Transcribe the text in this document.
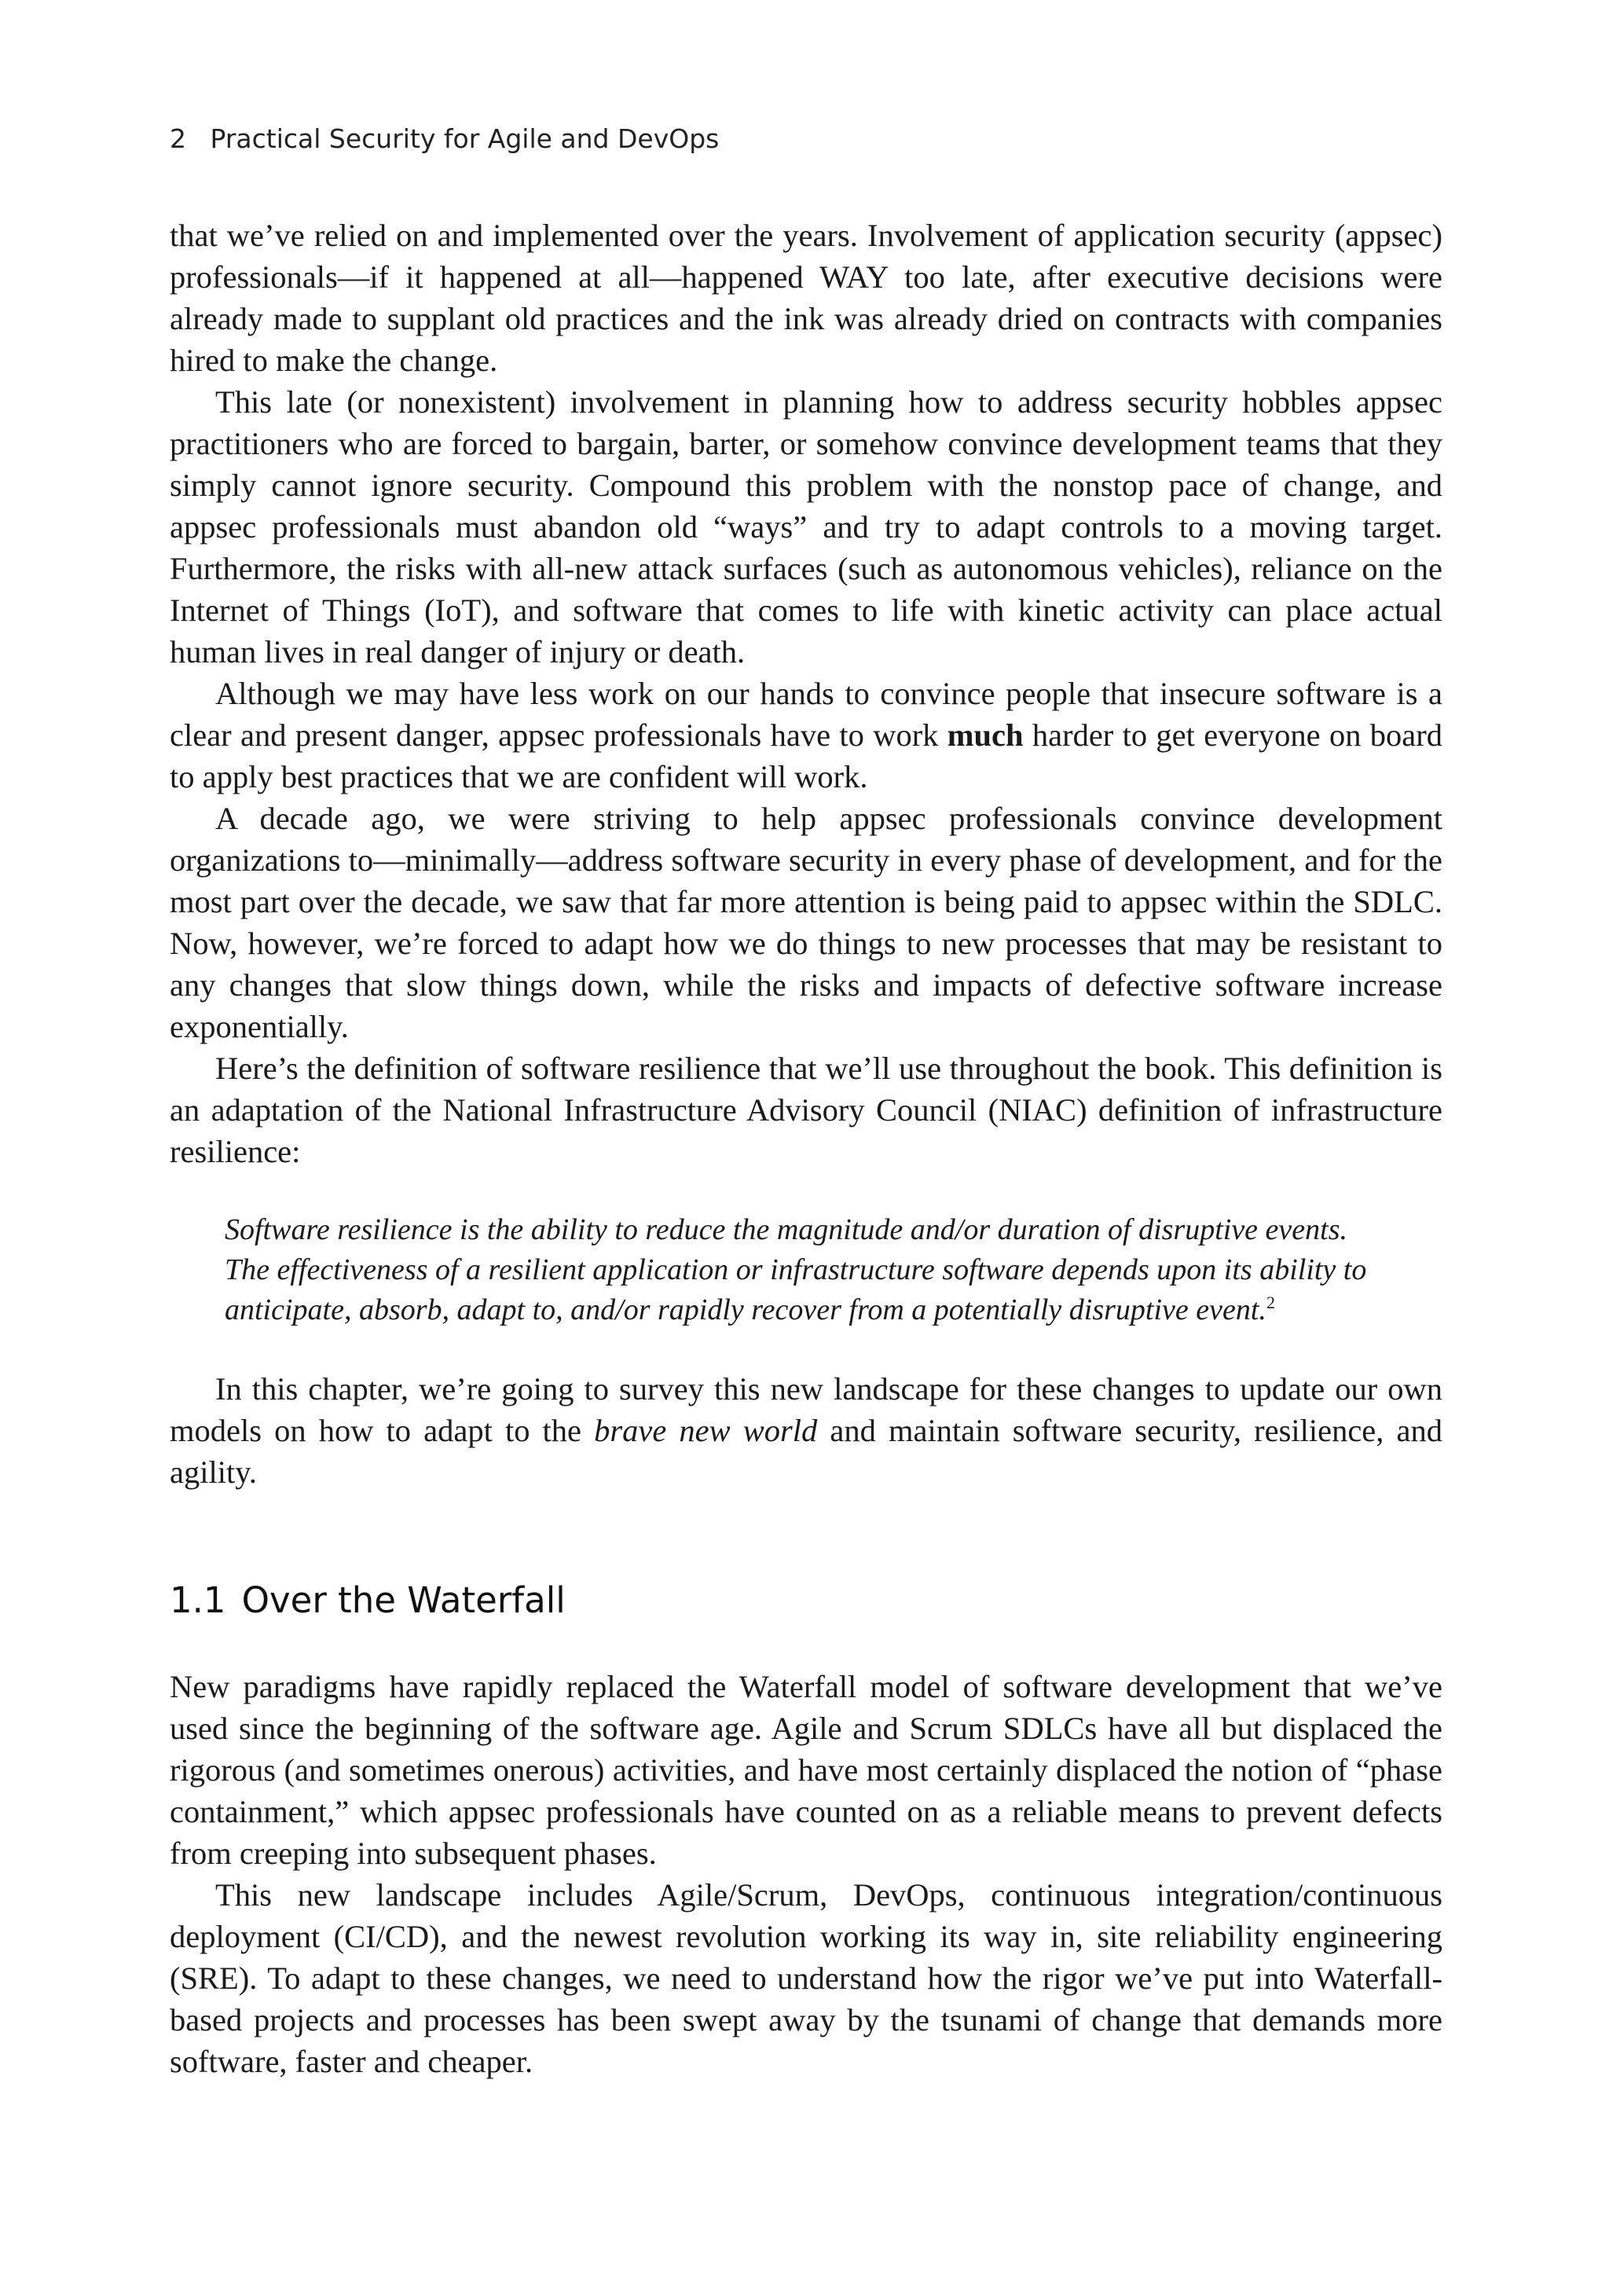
2 Practical Security for Agile and DevOps

that we’ve relied on and implemented over the years. Involvement of application security (appsec) professionals—if it happened at all—happened WAY too late, after executive decisions were already made to supplant old practices and the ink was already dried on contracts with companies hired to make the change.

This late (or nonexistent) involvement in planning how to address security hobbles appsec practitioners who are forced to bargain, barter, or somehow convince development teams that they simply cannot ignore security. Compound this problem with the nonstop pace of change, and appsec professionals must abandon old “ways” and try to adapt controls to a moving target. Furthermore, the risks with all-new attack surfaces (such as autonomous vehicles), reliance on the Internet of Things (IoT), and software that comes to life with kinetic activity can place actual human lives in real danger of injury or death.

Although we may have less work on our hands to convince people that insecure software is a clear and present danger, appsec professionals have to work much harder to get everyone on board to apply best practices that we are confident will work.

A decade ago, we were striving to help appsec professionals convince development organizations to—minimally—address software security in every phase of development, and for the most part over the decade, we saw that far more attention is being paid to appsec within the SDLC. Now, however, we’re forced to adapt how we do things to new processes that may be resistant to any changes that slow things down, while the risks and impacts of defective software increase exponentially.

Here’s the definition of software resilience that we’ll use throughout the book. This definition is an adaptation of the National Infrastructure Advisory Council (NIAC) definition of infrastructure resilience:

Software resilience is the ability to reduce the magnitude and/or duration of disruptive events. The effectiveness of a resilient application or infrastructure software depends upon its ability to anticipate, absorb, adapt to, and/or rapidly recover from a potentially disruptive event.$^2$

In this chapter, we’re going to survey this new landscape for these changes to update our own models on how to adapt to the brave new world and maintain software security, resilience, and agility.

1.1 Over the Waterfall

New paradigms have rapidly replaced the Waterfall model of software development that we’ve used since the beginning of the software age. Agile and Scrum SDLCs have all but displaced the rigorous (and sometimes onerous) activities, and have most certainly displaced the notion of “phase containment,” which appsec professionals have counted on as a reliable means to prevent defects from creeping into subsequent phases.

This new landscape includes Agile/Scrum, DevOps, continuous integration/continuous deployment (CI/CD), and the newest revolution working its way in, site reliability engineering (SRE). To adapt to these changes, we need to understand how the rigor we’ve put into Waterfall-based projects and processes has been swept away by the tsunami of change that demands more software, faster and cheaper.
